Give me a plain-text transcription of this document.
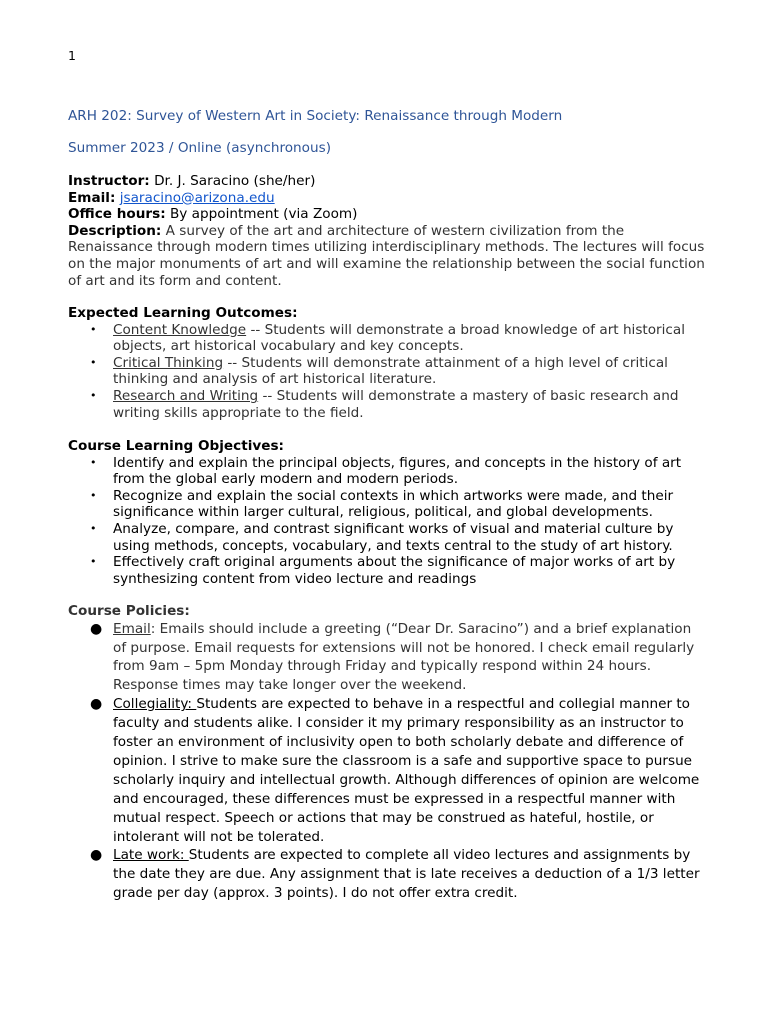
1
ARH 202: Survey of Western Art in Society: Renaissance through Modern
Summer 2023 / Online (asynchronous)
Instructor: Dr. J. Saracino (she/her)
Email: jsaracino@arizona.edu
Office hours: By appointment (via Zoom)
Description: A survey of the art and architecture of western civilization from the Renaissance through modern times utilizing interdisciplinary methods. The lectures will focus on the major monuments of art and will examine the relationship between the social function of art and its form and content.
Expected Learning Outcomes:
• Content Knowledge -- Students will demonstrate a broad knowledge of art historical objects, art historical vocabulary and key concepts.
• Critical Thinking -- Students will demonstrate attainment of a high level of critical thinking and analysis of art historical literature.
• Research and Writing -- Students will demonstrate a mastery of basic research and writing skills appropriate to the field.
Course Learning Objectives:
• Identify and explain the principal objects, figures, and concepts in the history of art from the global early modern and modern periods.
• Recognize and explain the social contexts in which artworks were made, and their significance within larger cultural, religious, political, and global developments.
• Analyze, compare, and contrast significant works of visual and material culture by using methods, concepts, vocabulary, and texts central to the study of art history.
• Effectively craft original arguments about the significance of major works of art by synthesizing content from video lecture and readings
Course Policies:
● Email: Emails should include a greeting (“Dear Dr. Saracino”) and a brief explanation of purpose. Email requests for extensions will not be honored. I check email regularly from 9am – 5pm Monday through Friday and typically respond within 24 hours. Response times may take longer over the weekend.
● Collegiality: Students are expected to behave in a respectful and collegial manner to faculty and students alike. I consider it my primary responsibility as an instructor to foster an environment of inclusivity open to both scholarly debate and difference of opinion. I strive to make sure the classroom is a safe and supportive space to pursue scholarly inquiry and intellectual growth. Although differences of opinion are welcome and encouraged, these differences must be expressed in a respectful manner with mutual respect. Speech or actions that may be construed as hateful, hostile, or intolerant will not be tolerated.
● Late work: Students are expected to complete all video lectures and assignments by the date they are due. Any assignment that is late receives a deduction of a 1/3 letter grade per day (approx. 3 points). I do not offer extra credit.
